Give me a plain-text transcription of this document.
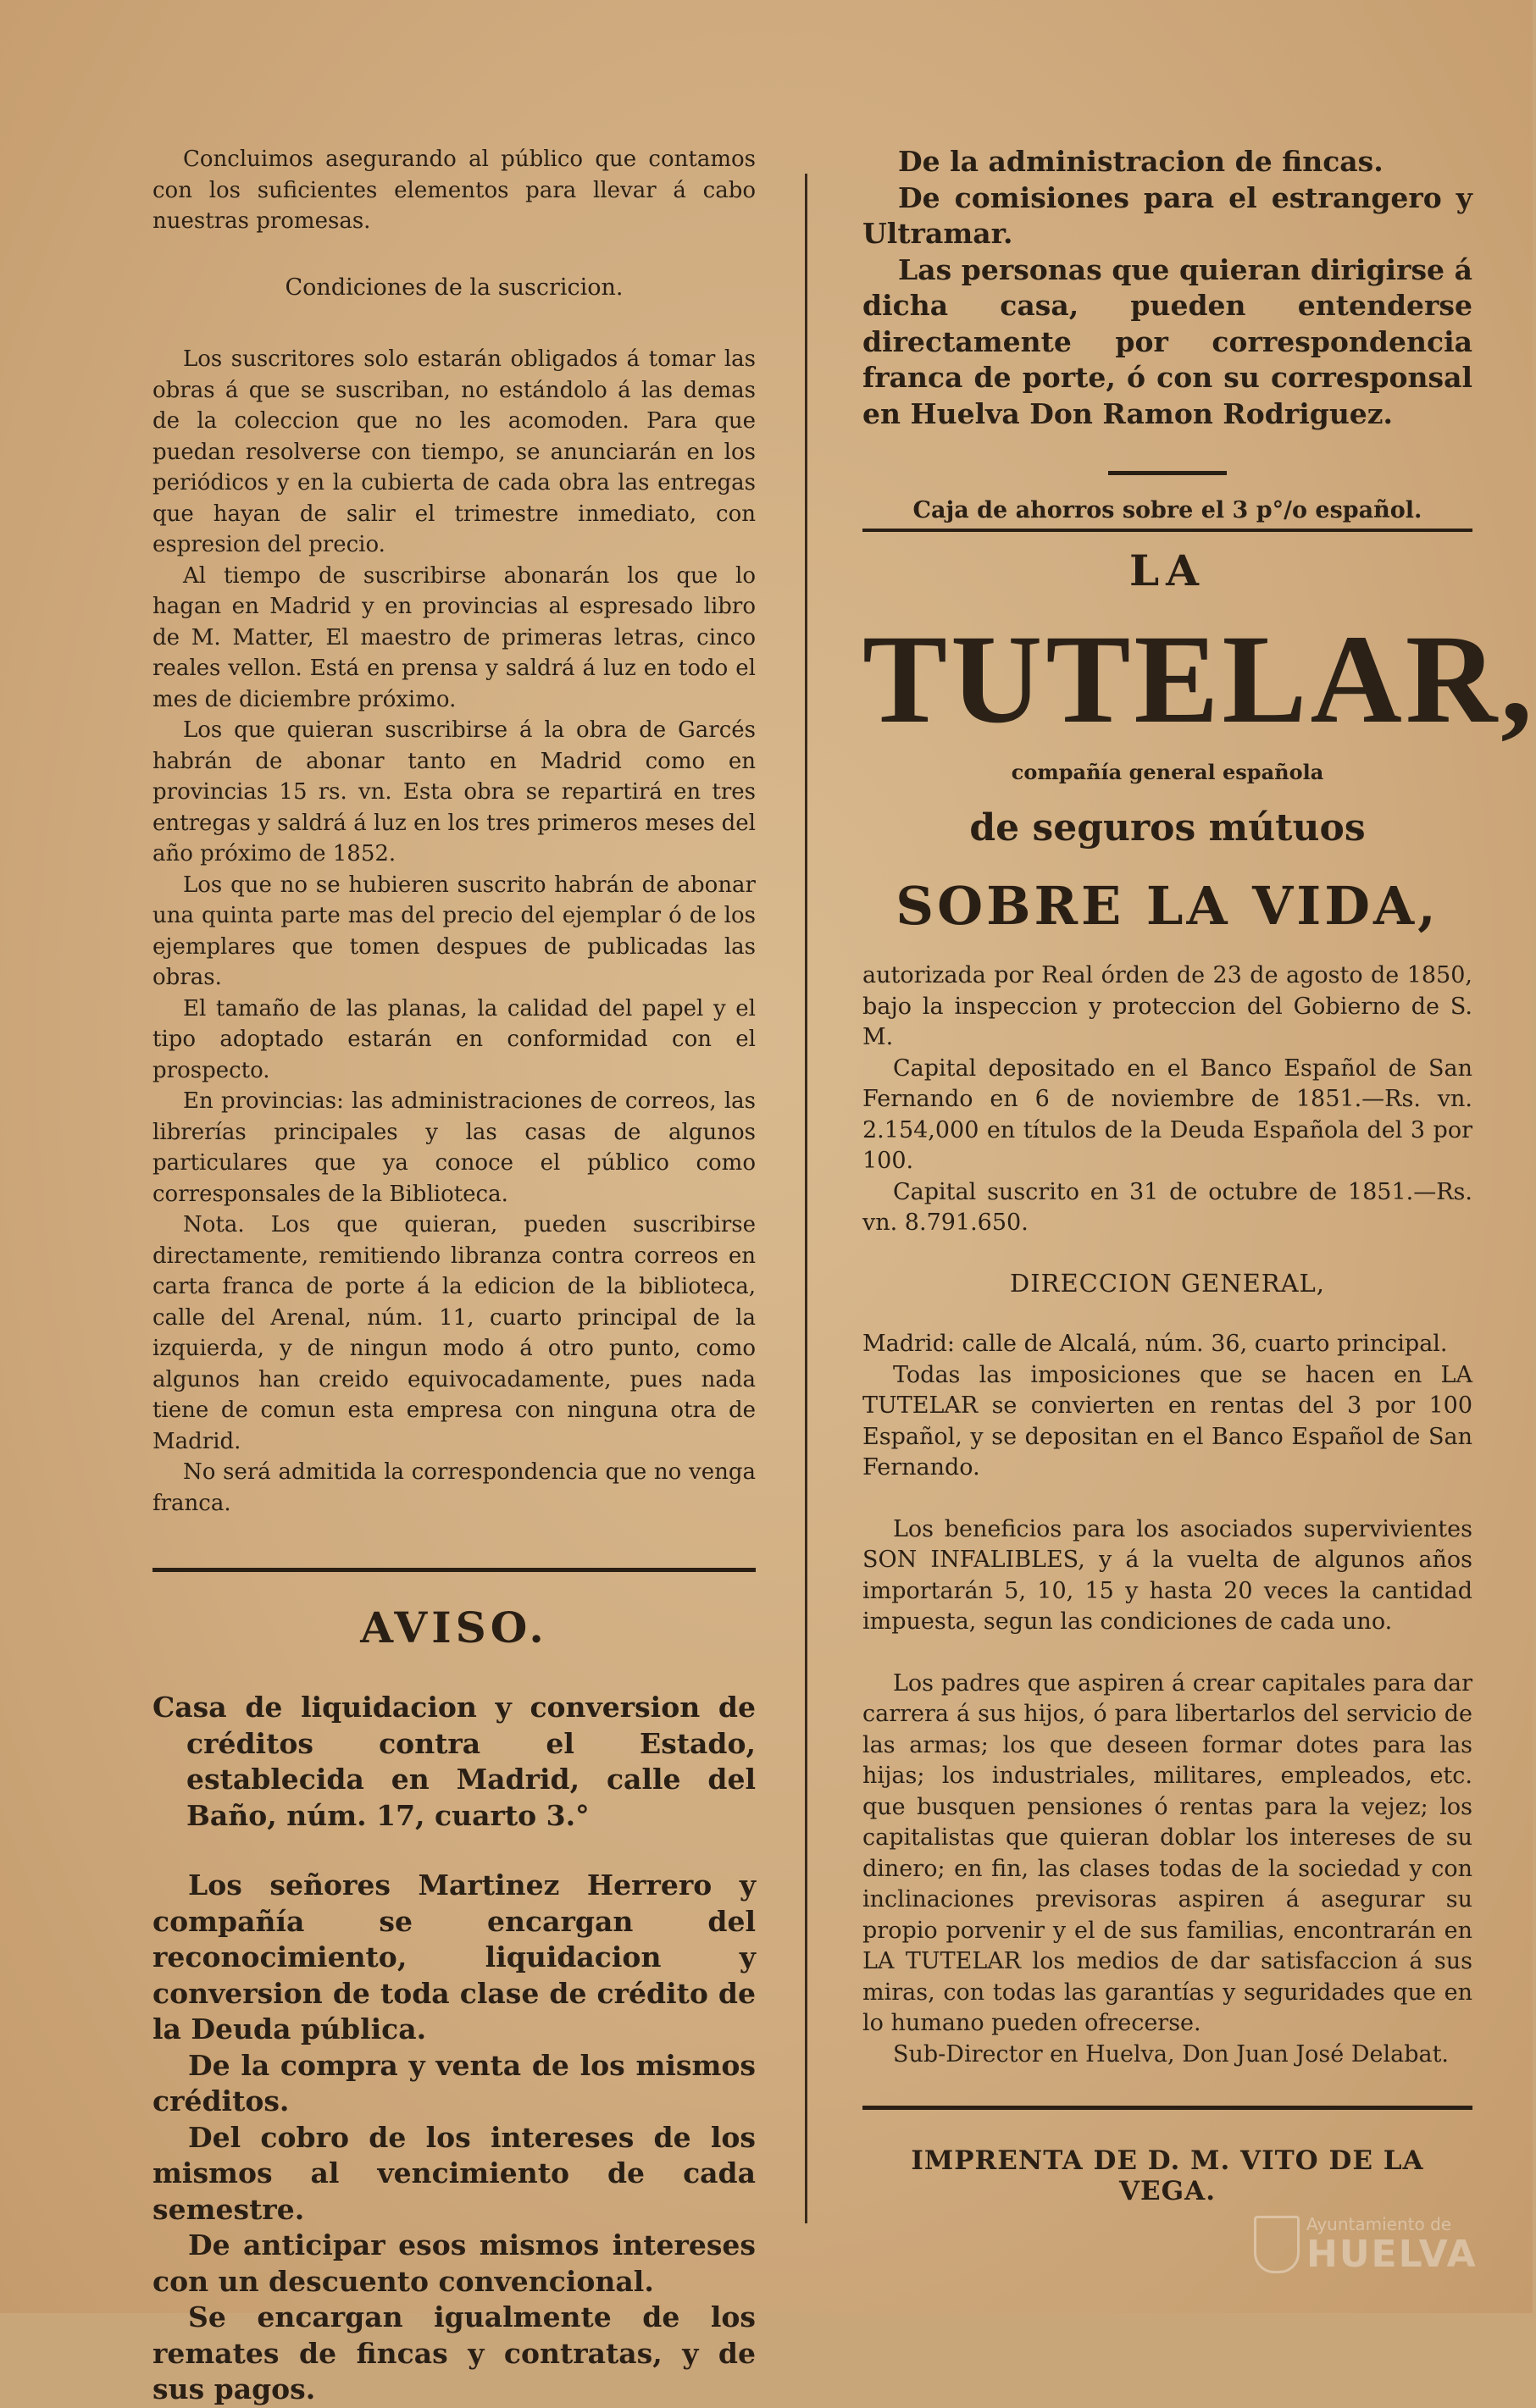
Concluimos asegurando al público que contamos con los suficientes elementos para llevar á cabo nuestras promesas.

Condiciones de la suscricion.

Los suscritores solo estarán obligados á tomar las obras á que se suscriban, no estándolo á las demas de la coleccion que no les acomoden. Para que puedan resolverse con tiempo, se anunciarán en los periódicos y en la cubierta de cada obra las entregas que hayan de salir el trimestre inmediato, con espresion del precio.

Al tiempo de suscribirse abonarán los que lo hagan en Madrid y en provincias al espresado libro de M. Matter, El maestro de primeras letras, cinco reales vellon. Está en prensa y saldrá á luz en todo el mes de diciembre próximo.

Los que quieran suscribirse á la obra de Garcés habrán de abonar tanto en Madrid como en provincias 15 rs. vn. Esta obra se repartirá en tres entregas y saldrá á luz en los tres primeros meses del año próximo de 1852.

Los que no se hubieren suscrito habrán de abonar una quinta parte mas del precio del ejemplar ó de los ejemplares que tomen despues de publicadas las obras.

El tamaño de las planas, la calidad del papel y el tipo adoptado estarán en conformidad con el prospecto.

En provincias: las administraciones de correos, las librerías principales y las casas de algunos particulares que ya conoce el público como corresponsales de la Biblioteca.

Nota. Los que quieran, pueden suscribirse directamente, remitiendo libranza contra correos en carta franca de porte á la edicion de la biblioteca, calle del Arenal, núm. 11, cuarto principal de la izquierda, y de ningun modo á otro punto, como algunos han creido equivocadamente, pues nada tiene de comun esta empresa con ninguna otra de Madrid.

No será admitida la correspondencia que no venga franca.

AVISO.

Casa de liquidacion y conversion de créditos contra el Estado, establecida en Madrid, calle del Baño, núm. 17, cuarto 3.°

Los señores Martinez Herrero y compañía se encargan del reconocimiento, liquidacion y conversion de toda clase de crédito de la Deuda pública.

De la compra y venta de los mismos créditos.

Del cobro de los intereses de los mismos al vencimiento de cada semestre.

De anticipar esos mismos intereses con un descuento convencional.

Se encargan igualmente de los remates de fincas y contratas, y de sus pagos.

De la administracion de fincas.

De comisiones para el estrangero y Ultramar.

Las personas que quieran dirigirse á dicha casa, pueden entenderse directamente por correspondencia franca de porte, ó con su corresponsal en Huelva Don Ramon Rodriguez.

Caja de ahorros sobre el 3 p°/o español.
LA
TUTELAR,
compañía general española
de seguros mútuos
SOBRE LA VIDA,

autorizada por Real órden de 23 de agosto de 1850, bajo la inspeccion y proteccion del Gobierno de S. M.

Capital depositado en el Banco Español de San Fernando en 6 de noviembre de 1851.—Rs. vn. 2.154,000 en títulos de la Deuda Española del 3 por 100.

Capital suscrito en 31 de octubre de 1851.—Rs. vn. 8.791.650.

DIRECCION GENERAL,

Madrid: calle de Alcalá, núm. 36, cuarto principal.

Todas las imposiciones que se hacen en LA TUTELAR se convierten en rentas del 3 por 100 Español, y se depositan en el Banco Español de San Fernando.

Los beneficios para los asociados supervivientes SON INFALIBLES, y á la vuelta de algunos años importarán 5, 10, 15 y hasta 20 veces la cantidad impuesta, segun las condiciones de cada uno.

Los padres que aspiren á crear capitales para dar carrera á sus hijos, ó para libertarlos del servicio de las armas; los que deseen formar dotes para las hijas; los industriales, militares, empleados, etc. que busquen pensiones ó rentas para la vejez; los capitalistas que quieran doblar los intereses de su dinero; en fin, las clases todas de la sociedad y con inclinaciones previsoras aspiren á asegurar su propio porvenir y el de sus familias, encontrarán en LA TUTELAR los medios de dar satisfaccion á sus miras, con todas las garantías y seguridades que en lo humano pueden ofrecerse.

Sub-Director en Huelva, Don Juan José Delabat.

IMPRENTA DE D. M. VITO DE LA VEGA.
Ayuntamiento de
HUELVA
